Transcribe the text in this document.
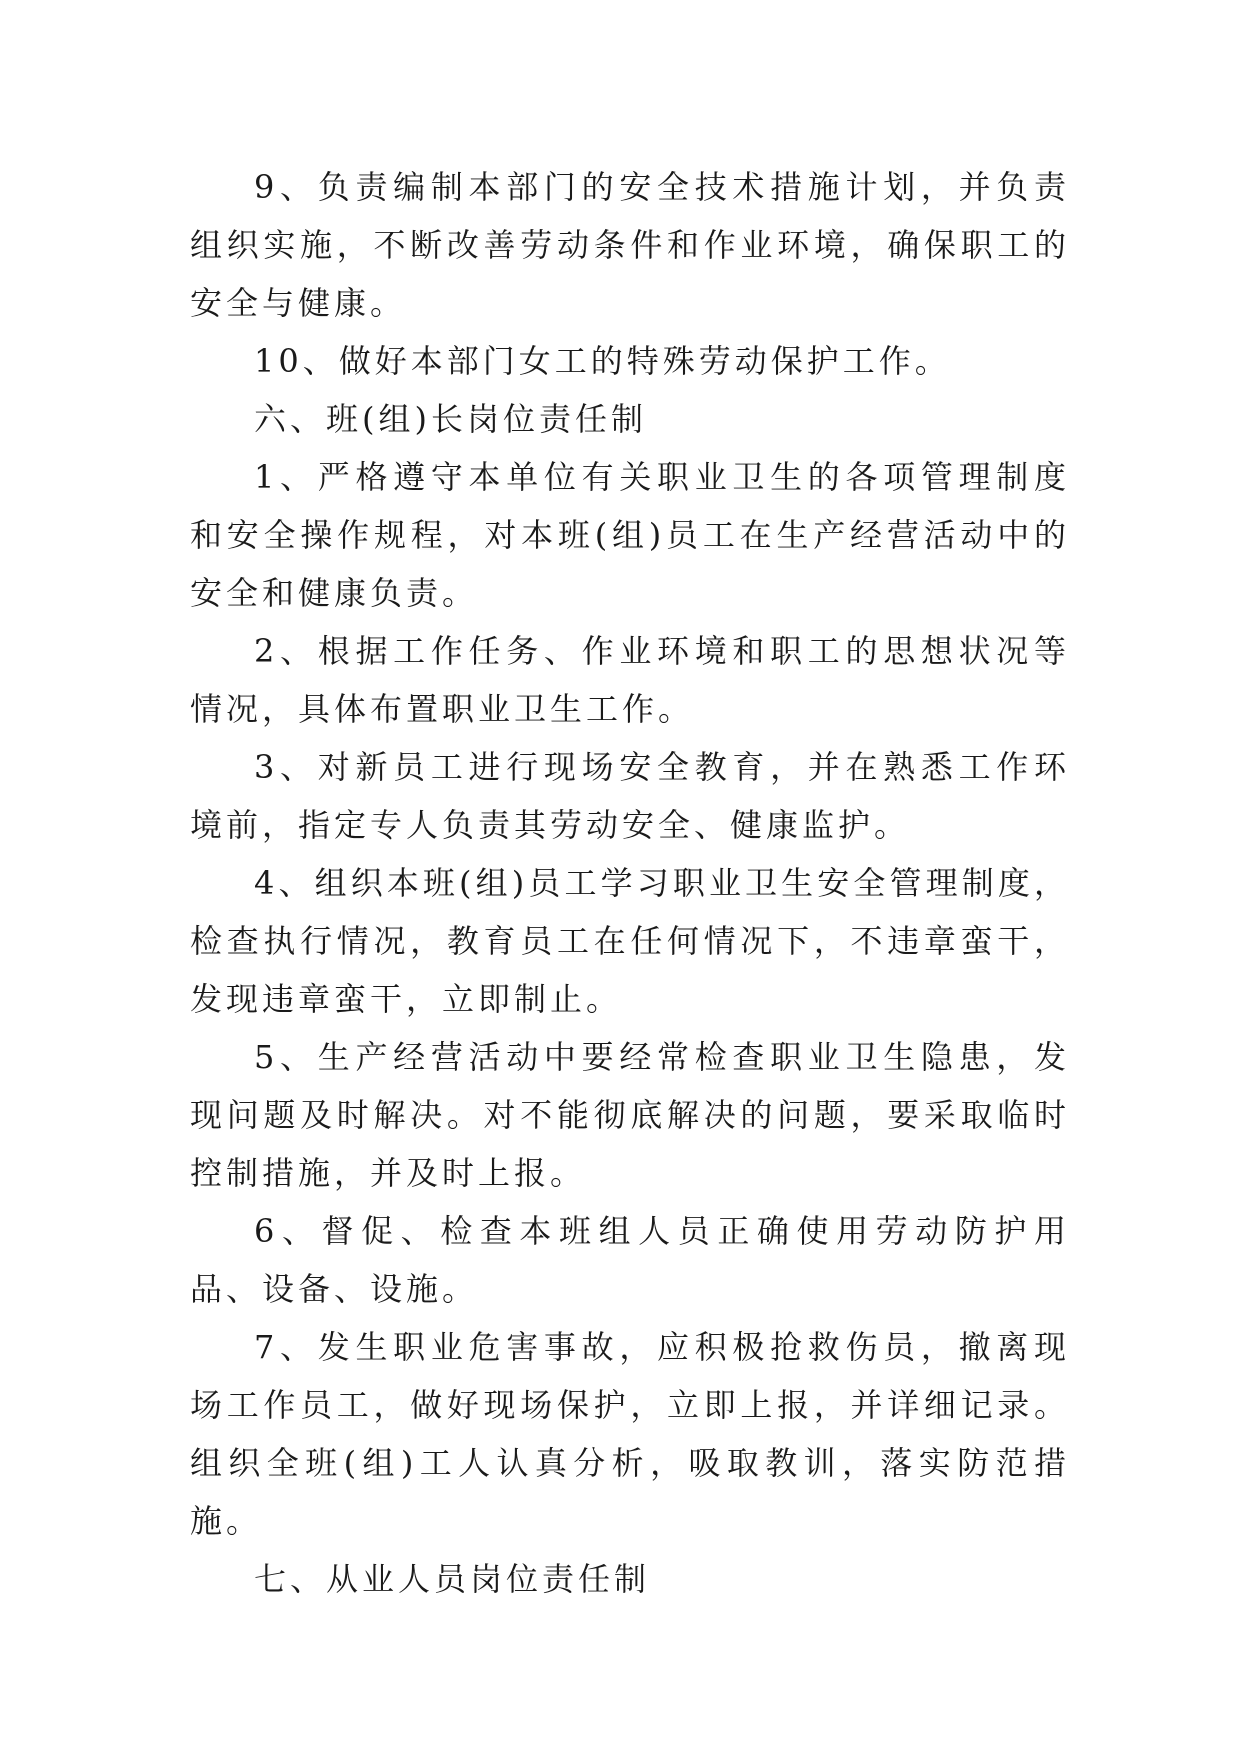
9、负责编制本部门的安全技术措施计划，并负责组织实施，不断改善劳动条件和作业环境，确保职工的安全与健康。

10、做好本部门女工的特殊劳动保护工作。

六、班(组)长岗位责任制

1、严格遵守本单位有关职业卫生的各项管理制度和安全操作规程，对本班(组)员工在生产经营活动中的安全和健康负责。

2、根据工作任务、作业环境和职工的思想状况等情况，具体布置职业卫生工作。

3、对新员工进行现场安全教育，并在熟悉工作环境前，指定专人负责其劳动安全、健康监护。

4、组织本班(组)员工学习职业卫生安全管理制度，检查执行情况，教育员工在任何情况下，不违章蛮干，发现违章蛮干，立即制止。

5、生产经营活动中要经常检查职业卫生隐患，发现问题及时解决。对不能彻底解决的问题，要采取临时控制措施，并及时上报。

6、督促、检查本班组人员正确使用劳动防护用品、设备、设施。

7、发生职业危害事故，应积极抢救伤员，撤离现场工作员工，做好现场保护，立即上报，并详细记录。组织全班(组)工人认真分析，吸取教训，落实防范措施。

七、从业人员岗位责任制
